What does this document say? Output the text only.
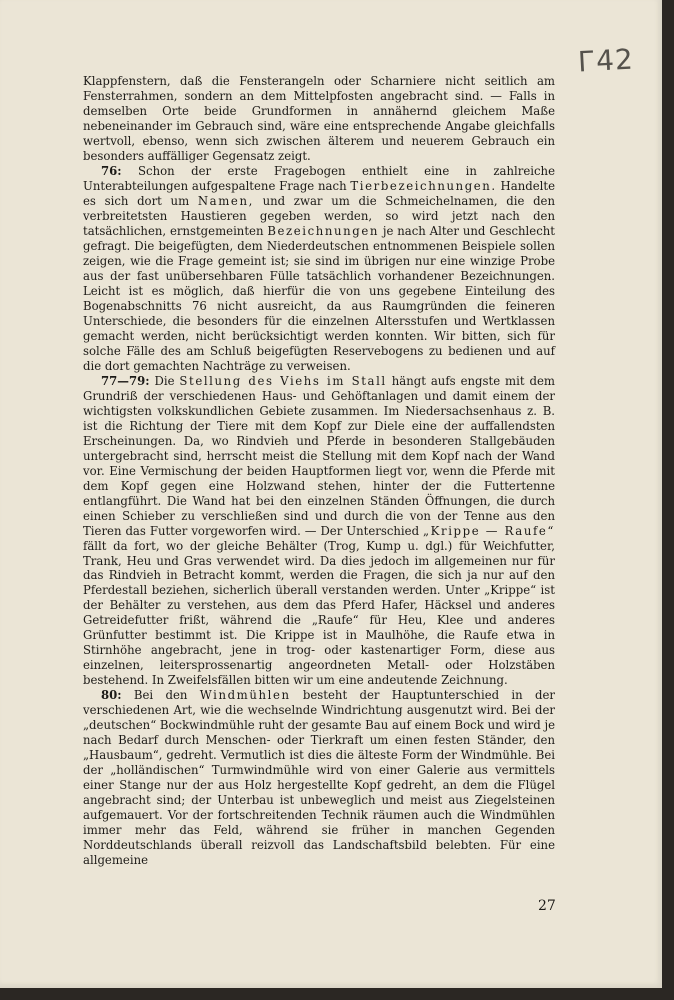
Г42

Klappfenstern, daß die Fensterangeln oder Scharniere nicht seitlich am Fensterrahmen, sondern an dem Mittelpfosten angebracht sind. — Falls in demselben Orte beide Grundformen in annähernd gleichem Maße nebeneinander im Gebrauch sind, wäre eine entsprechende Angabe gleichfalls wertvoll, ebenso, wenn sich zwischen älterem und neuerem Gebrauch ein besonders auffälliger Gegensatz zeigt.

76: Schon der erste Fragebogen enthielt eine in zahlreiche Unterabteilungen aufgespaltene Frage nach Tierbezeichnungen. Handelte es sich dort um Namen, und zwar um die Schmeichelnamen, die den verbreitetsten Haustieren gegeben werden, so wird jetzt nach den tatsächlichen, ernstgemeinten Bezeichnungen je nach Alter und Geschlecht gefragt. Die beigefügten, dem Niederdeutschen entnommenen Beispiele sollen zeigen, wie die Frage gemeint ist; sie sind im übrigen nur eine winzige Probe aus der fast unübersehbaren Fülle tatsächlich vorhandener Bezeichnungen. Leicht ist es möglich, daß hierfür die von uns gegebene Einteilung des Bogenabschnitts 76 nicht ausreicht, da aus Raumgründen die feineren Unterschiede, die besonders für die einzelnen Altersstufen und Wertklassen gemacht werden, nicht berücksichtigt werden konnten. Wir bitten, sich für solche Fälle des am Schluß beigefügten Reservebogens zu bedienen und auf die dort gemachten Nachträge zu verweisen.

77—79: Die Stellung des Viehs im Stall hängt aufs engste mit dem Grundriß der verschiedenen Haus- und Gehöftanlagen und damit einem der wichtigsten volkskundlichen Gebiete zusammen. Im Niedersachsenhaus z. B. ist die Richtung der Tiere mit dem Kopf zur Diele eine der auffallendsten Erscheinungen. Da, wo Rindvieh und Pferde in besonderen Stallgebäuden untergebracht sind, herrscht meist die Stellung mit dem Kopf nach der Wand vor. Eine Vermischung der beiden Hauptformen liegt vor, wenn die Pferde mit dem Kopf gegen eine Holzwand stehen, hinter der die Futtertenne entlangführt. Die Wand hat bei den einzelnen Ständen Öffnungen, die durch einen Schieber zu verschließen sind und durch die von der Tenne aus den Tieren das Futter vorgeworfen wird. — Der Unterschied „Krippe — Raufe“ fällt da fort, wo der gleiche Behälter (Trog, Kump u. dgl.) für Weichfutter, Trank, Heu und Gras verwendet wird. Da dies jedoch im allgemeinen nur für das Rindvieh in Betracht kommt, werden die Fragen, die sich ja nur auf den Pferdestall beziehen, sicherlich überall verstanden werden. Unter „Krippe“ ist der Behälter zu verstehen, aus dem das Pferd Hafer, Häcksel und anderes Getreidefutter frißt, während die „Raufe“ für Heu, Klee und anderes Grünfutter bestimmt ist. Die Krippe ist in Maulhöhe, die Raufe etwa in Stirnhöhe angebracht, jene in trog- oder kastenartiger Form, diese aus einzelnen, leitersprossenartig angeordneten Metall- oder Holzstäben bestehend. In Zweifelsfällen bitten wir um eine andeutende Zeichnung.

80: Bei den Windmühlen besteht der Hauptunterschied in der verschiedenen Art, wie die wechselnde Windrichtung ausgenutzt wird. Bei der „deutschen“ Bockwindmühle ruht der gesamte Bau auf einem Bock und wird je nach Bedarf durch Menschen- oder Tierkraft um einen festen Ständer, den „Hausbaum“, gedreht. Vermutlich ist dies die älteste Form der Windmühle. Bei der „holländischen“ Turmwindmühle wird von einer Galerie aus vermittels einer Stange nur der aus Holz hergestellte Kopf gedreht, an dem die Flügel angebracht sind; der Unterbau ist unbeweglich und meist aus Ziegelsteinen aufgemauert. Vor der fortschreitenden Technik räumen auch die Windmühlen immer mehr das Feld, während sie früher in manchen Gegenden Norddeutschlands überall reizvoll das Landschaftsbild belebten. Für eine allgemeine

27
